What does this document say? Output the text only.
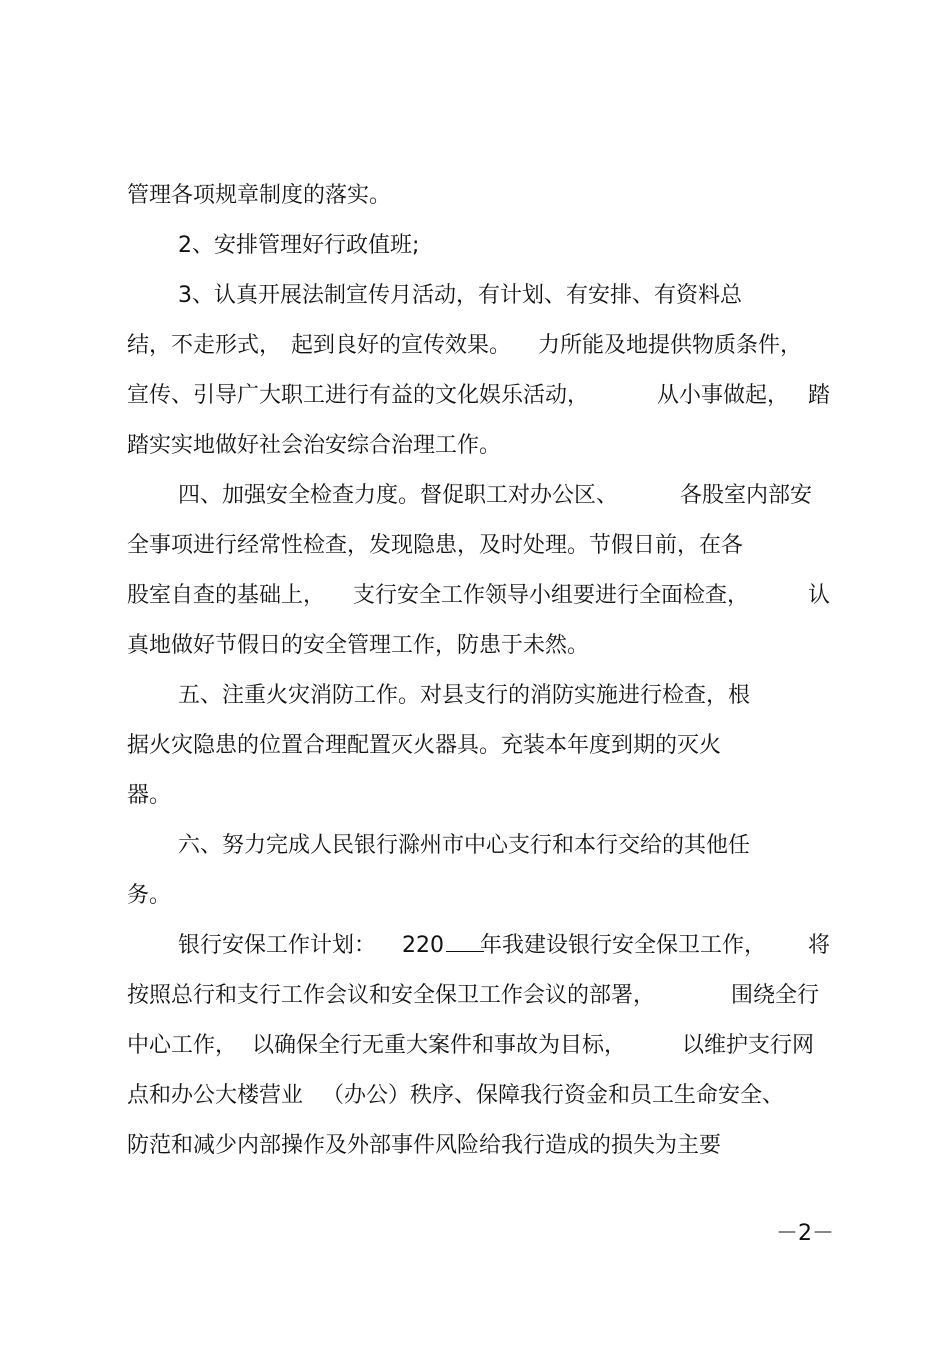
管理各项规章制度的落实。

2、安排管理好行政值班;

3、认真开展法制宣传月活动，有计划、有安排、有资料总

结，不走形式，

起到良好的宣传效果。

力所能及地提供物质条件，

宣传、引导广大职工进行有益的文化娱乐活动，

	从小事做起，

踏

踏实实地做好社会治安综合治理工作。

四、加强安全检查力度。督促职工对办公区、

	各股室内部安

全事项进行经常性检查，发现隐患，及时处理。节假日前，在各

股室自查的基础上，

支行安全工作领导小组要进行全面检查，

	认

真地做好节假日的安全管理工作，防患于未然。

五、注重火灾消防工作。对县支行的消防实施进行检查，根

据火灾隐患的位置合理配置灭火器具。充装本年度到期的灭火

器。

六、努力完成人民银行滁州市中心支行和本行交给的其他任

务。

银行安保工作计划：

220

	年我建设银行安全保卫工作，

将

按照总行和支行工作会议和安全保卫工作会议的部署，

	围绕全行

中心工作，

以确保全行无重大案件和事故为目标，

	以维护支行网

点和办公大楼营业

（办公）秩序、保障我行资金和员工生命安全、

防范和减少内部操作及外部事件风险给我行造成的损失为主要

－2－
